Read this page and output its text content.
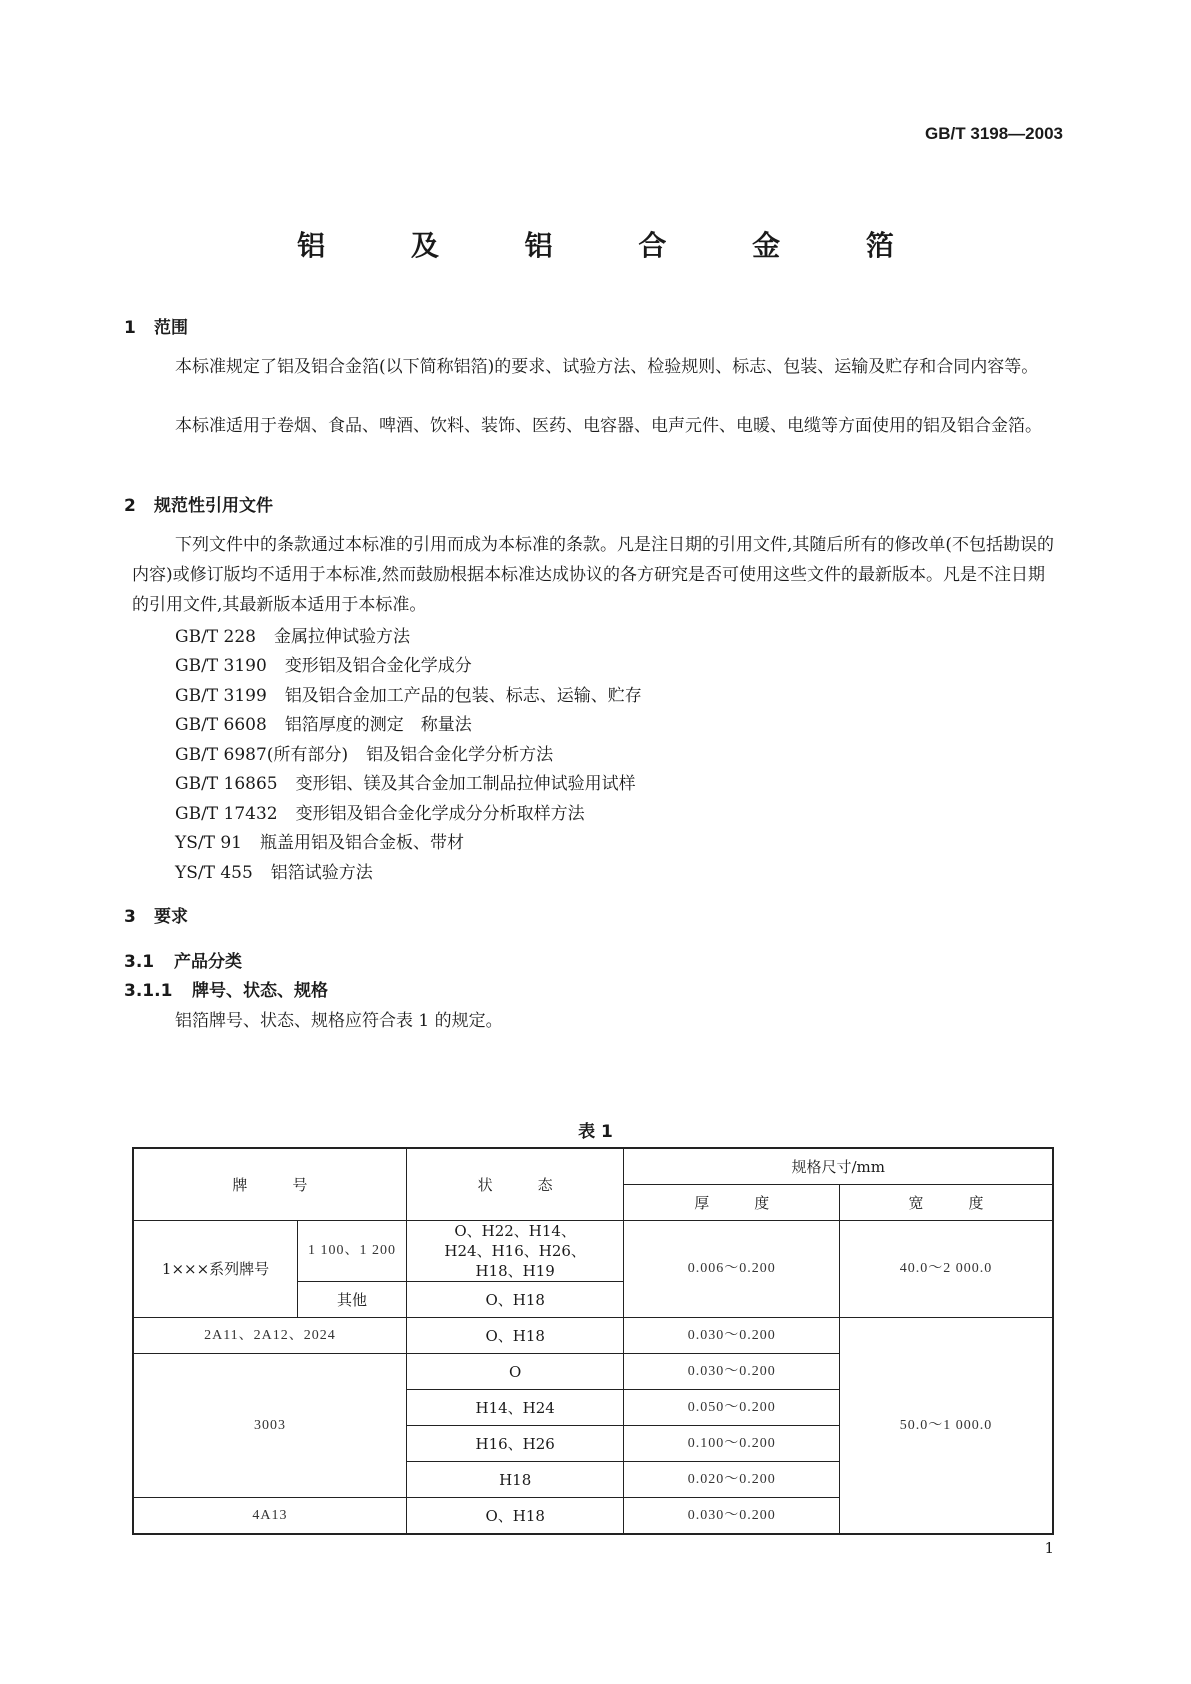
GB/T 3198—2003
铝 及 铝 合 金 箔
1 范围
本标准规定了铝及铝合金箔(以下简称铝箔)的要求、试验方法、检验规则、标志、包装、运输及贮存和合同内容等。
本标准适用于卷烟、食品、啤酒、饮料、装饰、医药、电容器、电声元件、电暖、电缆等方面使用的铝及铝合金箔。
2 规范性引用文件
下列文件中的条款通过本标准的引用而成为本标准的条款。凡是注日期的引用文件,其随后所有的修改单(不包括勘误的内容)或修订版均不适用于本标准,然而鼓励根据本标准达成协议的各方研究是否可使用这些文件的最新版本。凡是不注日期的引用文件,其最新版本适用于本标准。
GB/T 228 金属拉伸试验方法
GB/T 3190 变形铝及铝合金化学成分
GB/T 3199 铝及铝合金加工产品的包装、标志、运输、贮存
GB/T 6608 铝箔厚度的测定　称量法
GB/T 6987(所有部分) 铝及铝合金化学分析方法
GB/T 16865 变形铝、镁及其合金加工制品拉伸试验用试样
GB/T 17432 变形铝及铝合金化学成分分析取样方法
YS/T 91 瓶盖用铝及铝合金板、带材
YS/T 455 铝箔试验方法
3 要求
3.1 产品分类
3.1.1 牌号、状态、规格
铝箔牌号、状态、规格应符合表 1 的规定。
表 1
牌　　　号		状　　　态	规格尺寸/mm	
			厚　　　度	宽　　　度
1×××系列牌号	1 100、1 200	O、H22、H14、H24、H16、H26、H18、H19	0.006～0.200	40.0～2 000.0
	其他	O、H18		
2A11、2A12、2024		O、H18	0.030～0.200	50.0～1 000.0
3003		O	0.030～0.200	
		H14、H24	0.050～0.200	
		H16、H26	0.100～0.200	
		H18	0.020～0.200	
4A13		O、H18	0.030～0.200	
1
